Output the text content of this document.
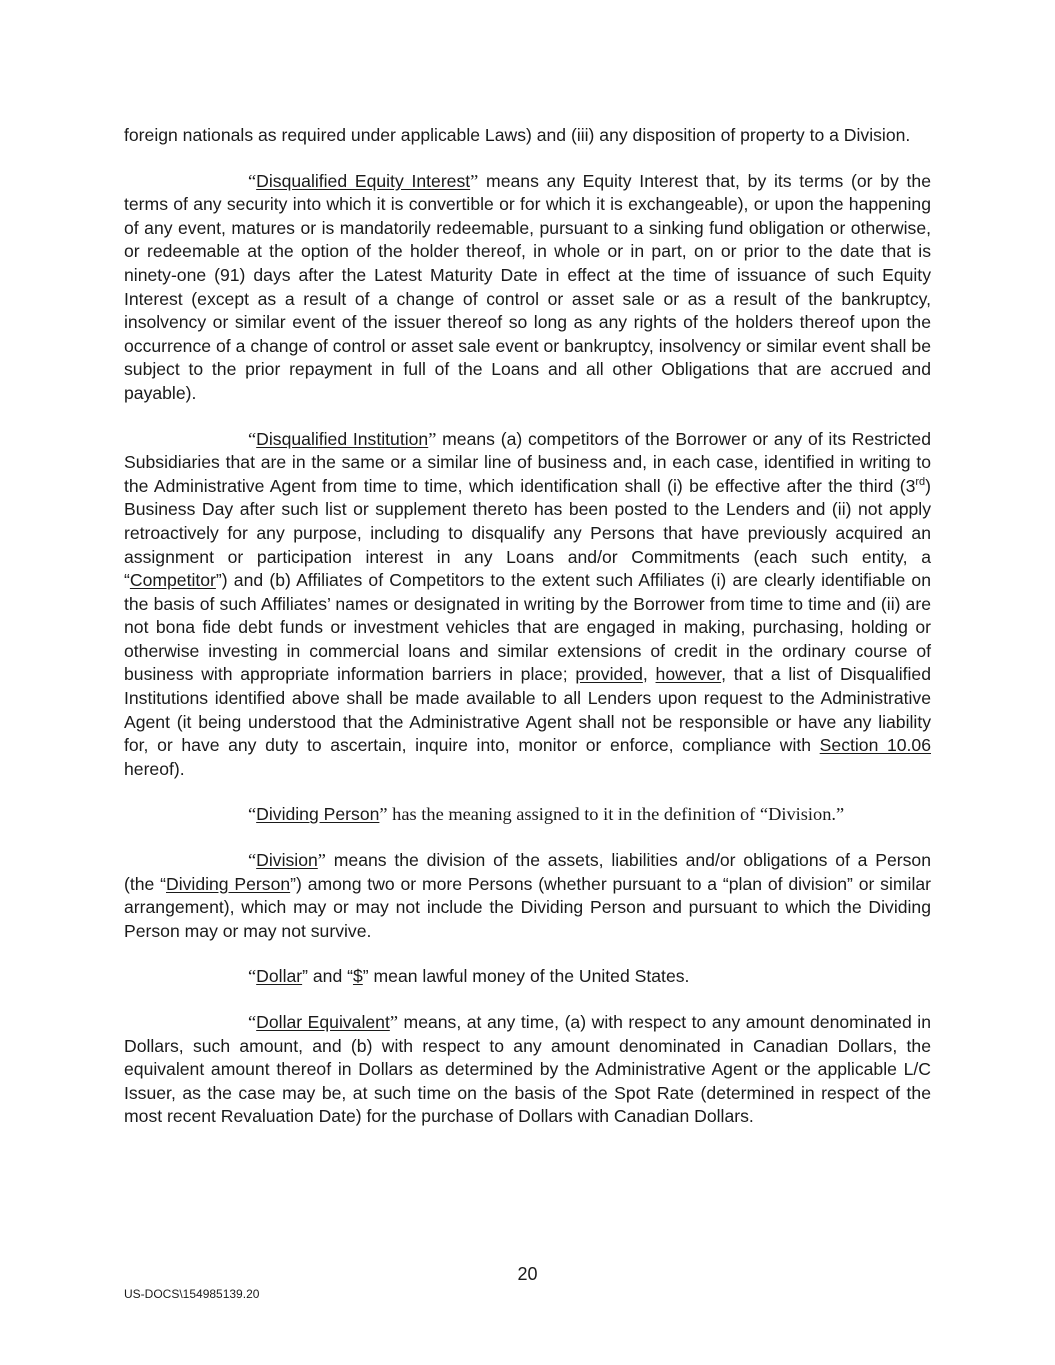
foreign nationals as required under applicable Laws) and (iii) any disposition of property to a Division.

“Disqualified Equity Interest” means any Equity Interest that, by its terms (or by the terms of any security into which it is convertible or for which it is exchangeable), or upon the happening of any event, matures or is mandatorily redeemable, pursuant to a sinking fund obligation or otherwise, or redeemable at the option of the holder thereof, in whole or in part, on or prior to the date that is ninety-one (91) days after the Latest Maturity Date in effect at the time of issuance of such Equity Interest (except as a result of a change of control or asset sale or as a result of the bankruptcy, insolvency or similar event of the issuer thereof so long as any rights of the holders thereof upon the occurrence of a change of control or asset sale event or bankruptcy, insolvency or similar event shall be subject to the prior repayment in full of the Loans and all other Obligations that are accrued and payable).

“Disqualified Institution” means (a) competitors of the Borrower or any of its Restricted Subsidiaries that are in the same or a similar line of business and, in each case, identified in writing to the Administrative Agent from time to time, which identification shall (i) be effective after the third (3rd) Business Day after such list or supplement thereto has been posted to the Lenders and (ii) not apply retroactively for any purpose, including to disqualify any Persons that have previously acquired an assignment or participation interest in any Loans and/or Commitments (each such entity, a “Competitor”) and (b) Affiliates of Competitors to the extent such Affiliates (i) are clearly identifiable on the basis of such Affiliates’ names or designated in writing by the Borrower from time to time and (ii) are not bona fide debt funds or investment vehicles that are engaged in making, purchasing, holding or otherwise investing in commercial loans and similar extensions of credit in the ordinary course of business with appropriate information barriers in place; provided, however, that a list of Disqualified Institutions identified above shall be made available to all Lenders upon request to the Administrative Agent (it being understood that the Administrative Agent shall not be responsible or have any liability for, or have any duty to ascertain, inquire into, monitor or enforce, compliance with Section 10.06 hereof).

“Dividing Person” has the meaning assigned to it in the definition of “Division.”

“Division” means the division of the assets, liabilities and/or obligations of a Person (the “Dividing Person”) among two or more Persons (whether pursuant to a “plan of division” or similar arrangement), which may or may not include the Dividing Person and pursuant to which the Dividing Person may or may not survive.

“Dollar” and “$” mean lawful money of the United States.

“Dollar Equivalent” means, at any time, (a) with respect to any amount denominated in Dollars, such amount, and (b) with respect to any amount denominated in Canadian Dollars, the equivalent amount thereof in Dollars as determined by the Administrative Agent or the applicable L/C Issuer, as the case may be, at such time on the basis of the Spot Rate (determined in respect of the most recent Revaluation Date) for the purchase of Dollars with Canadian Dollars.

20
US-DOCS\154985139.20
